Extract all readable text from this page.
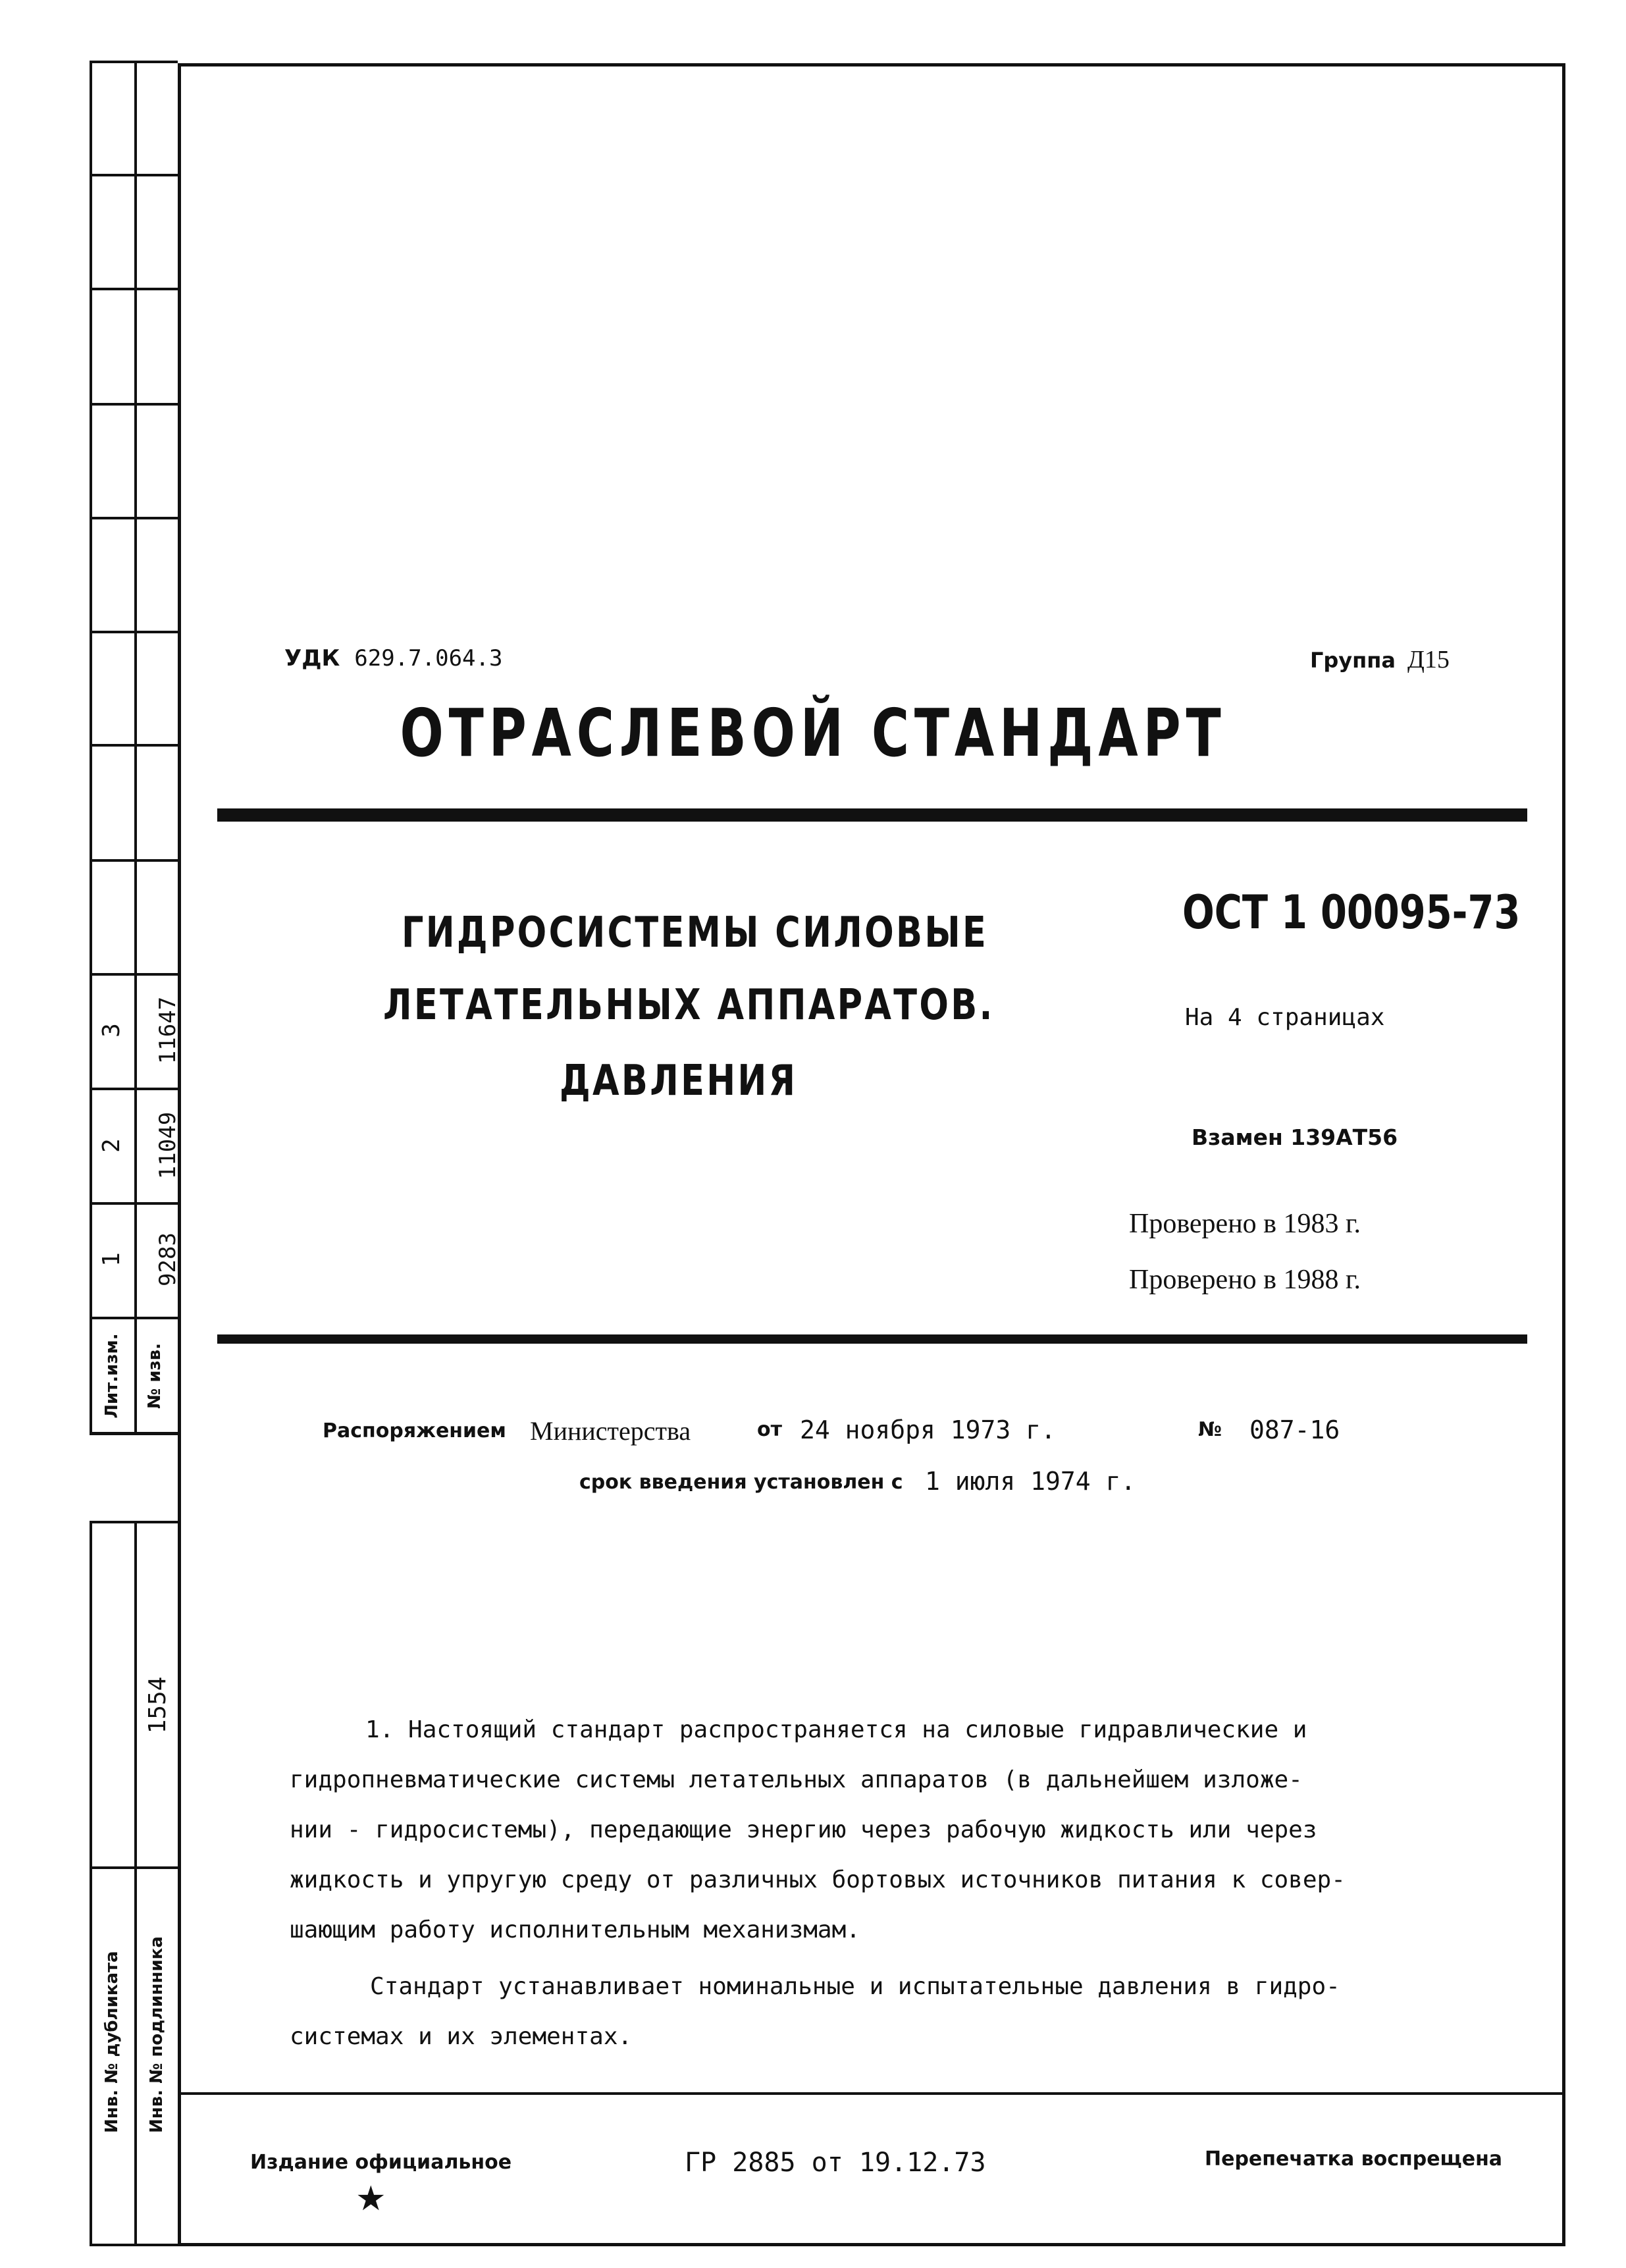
3 11647
2 11049
1 9283
Лит.изм. № изв.
1554
Инв. № дубликата Инв. № подлинника
УДК 629.7.064.3	Группа Д15
ОТРАСЛЕВОЙ СТАНДАРТ
ГИДРОСИСТЕМЫ СИЛОВЫЕ
ЛЕТАТЕЛЬНЫХ АППАРАТОВ.
ДАВЛЕНИЯ
ОСТ 1 00095-73
На 4 страницах
Взамен 139АТ56
Проверено в 1983 г.
Проверено в 1988 г.
Распоряжением Министерства	от 24 ноября 1973 г.	№ 087-16
срок введения установлен с 1 июля 1974 г.
1. Настоящий стандарт распространяется на силовые гидравлические и
гидропневматические системы летательных аппаратов (в дальнейшем изложе-
нии - гидросистемы), передающие энергию через рабочую жидкость или через
жидкость и упругую среду от различных бортовых источников питания к совер-
шающим работу исполнительным механизмам.
Стандарт устанавливает номинальные и испытательные давления в гидро-
системах и их элементах.
Издание официальное
★
ГР 2885 от 19.12.73	Перепечатка воспрещена
